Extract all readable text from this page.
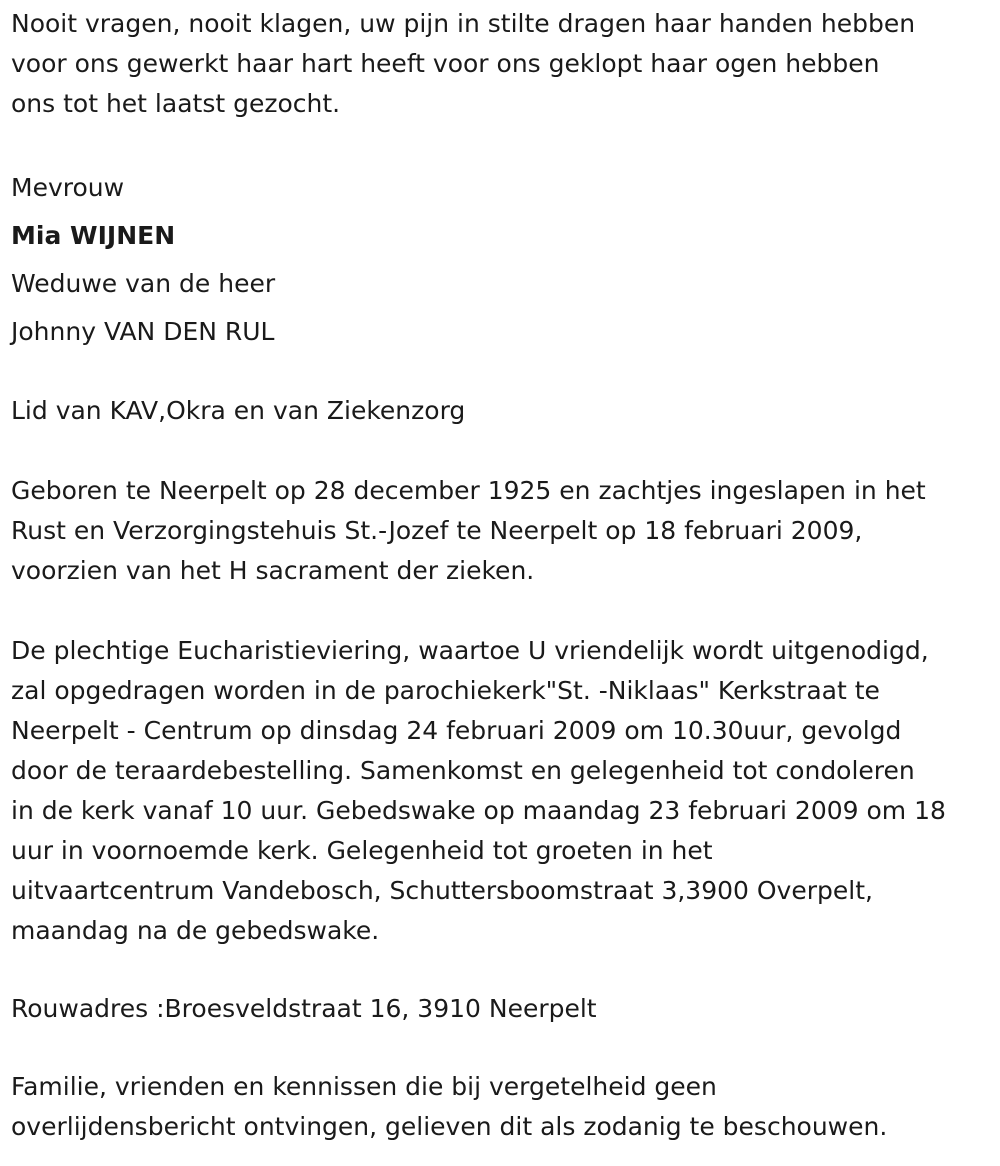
Nooit vragen, nooit klagen, uw pijn in stilte dragen haar handen hebben
voor ons gewerkt haar hart heeft voor ons geklopt haar ogen hebben
ons tot het laatst gezocht.

Mevrouw

Mia WIJNEN

Weduwe van de heer

Johnny VAN DEN RUL

Lid van KAV,Okra en van Ziekenzorg

Geboren te Neerpelt op 28 december 1925 en zachtjes ingeslapen in het
Rust en Verzorgingstehuis St.-Jozef te Neerpelt op 18 februari 2009,
voorzien van het H sacrament der zieken.

De plechtige Eucharistieviering, waartoe U vriendelijk wordt uitgenodigd,
zal opgedragen worden in de parochiekerk"St. -Niklaas" Kerkstraat te
Neerpelt - Centrum op dinsdag 24 februari 2009 om 10.30uur, gevolgd
door de teraardebestelling. Samenkomst en gelegenheid tot condoleren
in de kerk vanaf 10 uur. Gebedswake op maandag 23 februari 2009 om 18
uur in voornoemde kerk. Gelegenheid tot groeten in het
uitvaartcentrum Vandebosch, Schuttersboomstraat 3,3900 Overpelt,
maandag na de gebedswake.

Rouwadres :Broesveldstraat 16, 3910 Neerpelt

Familie, vrienden en kennissen die bij vergetelheid geen
overlijdensbericht ontvingen, gelieven dit als zodanig te beschouwen.
